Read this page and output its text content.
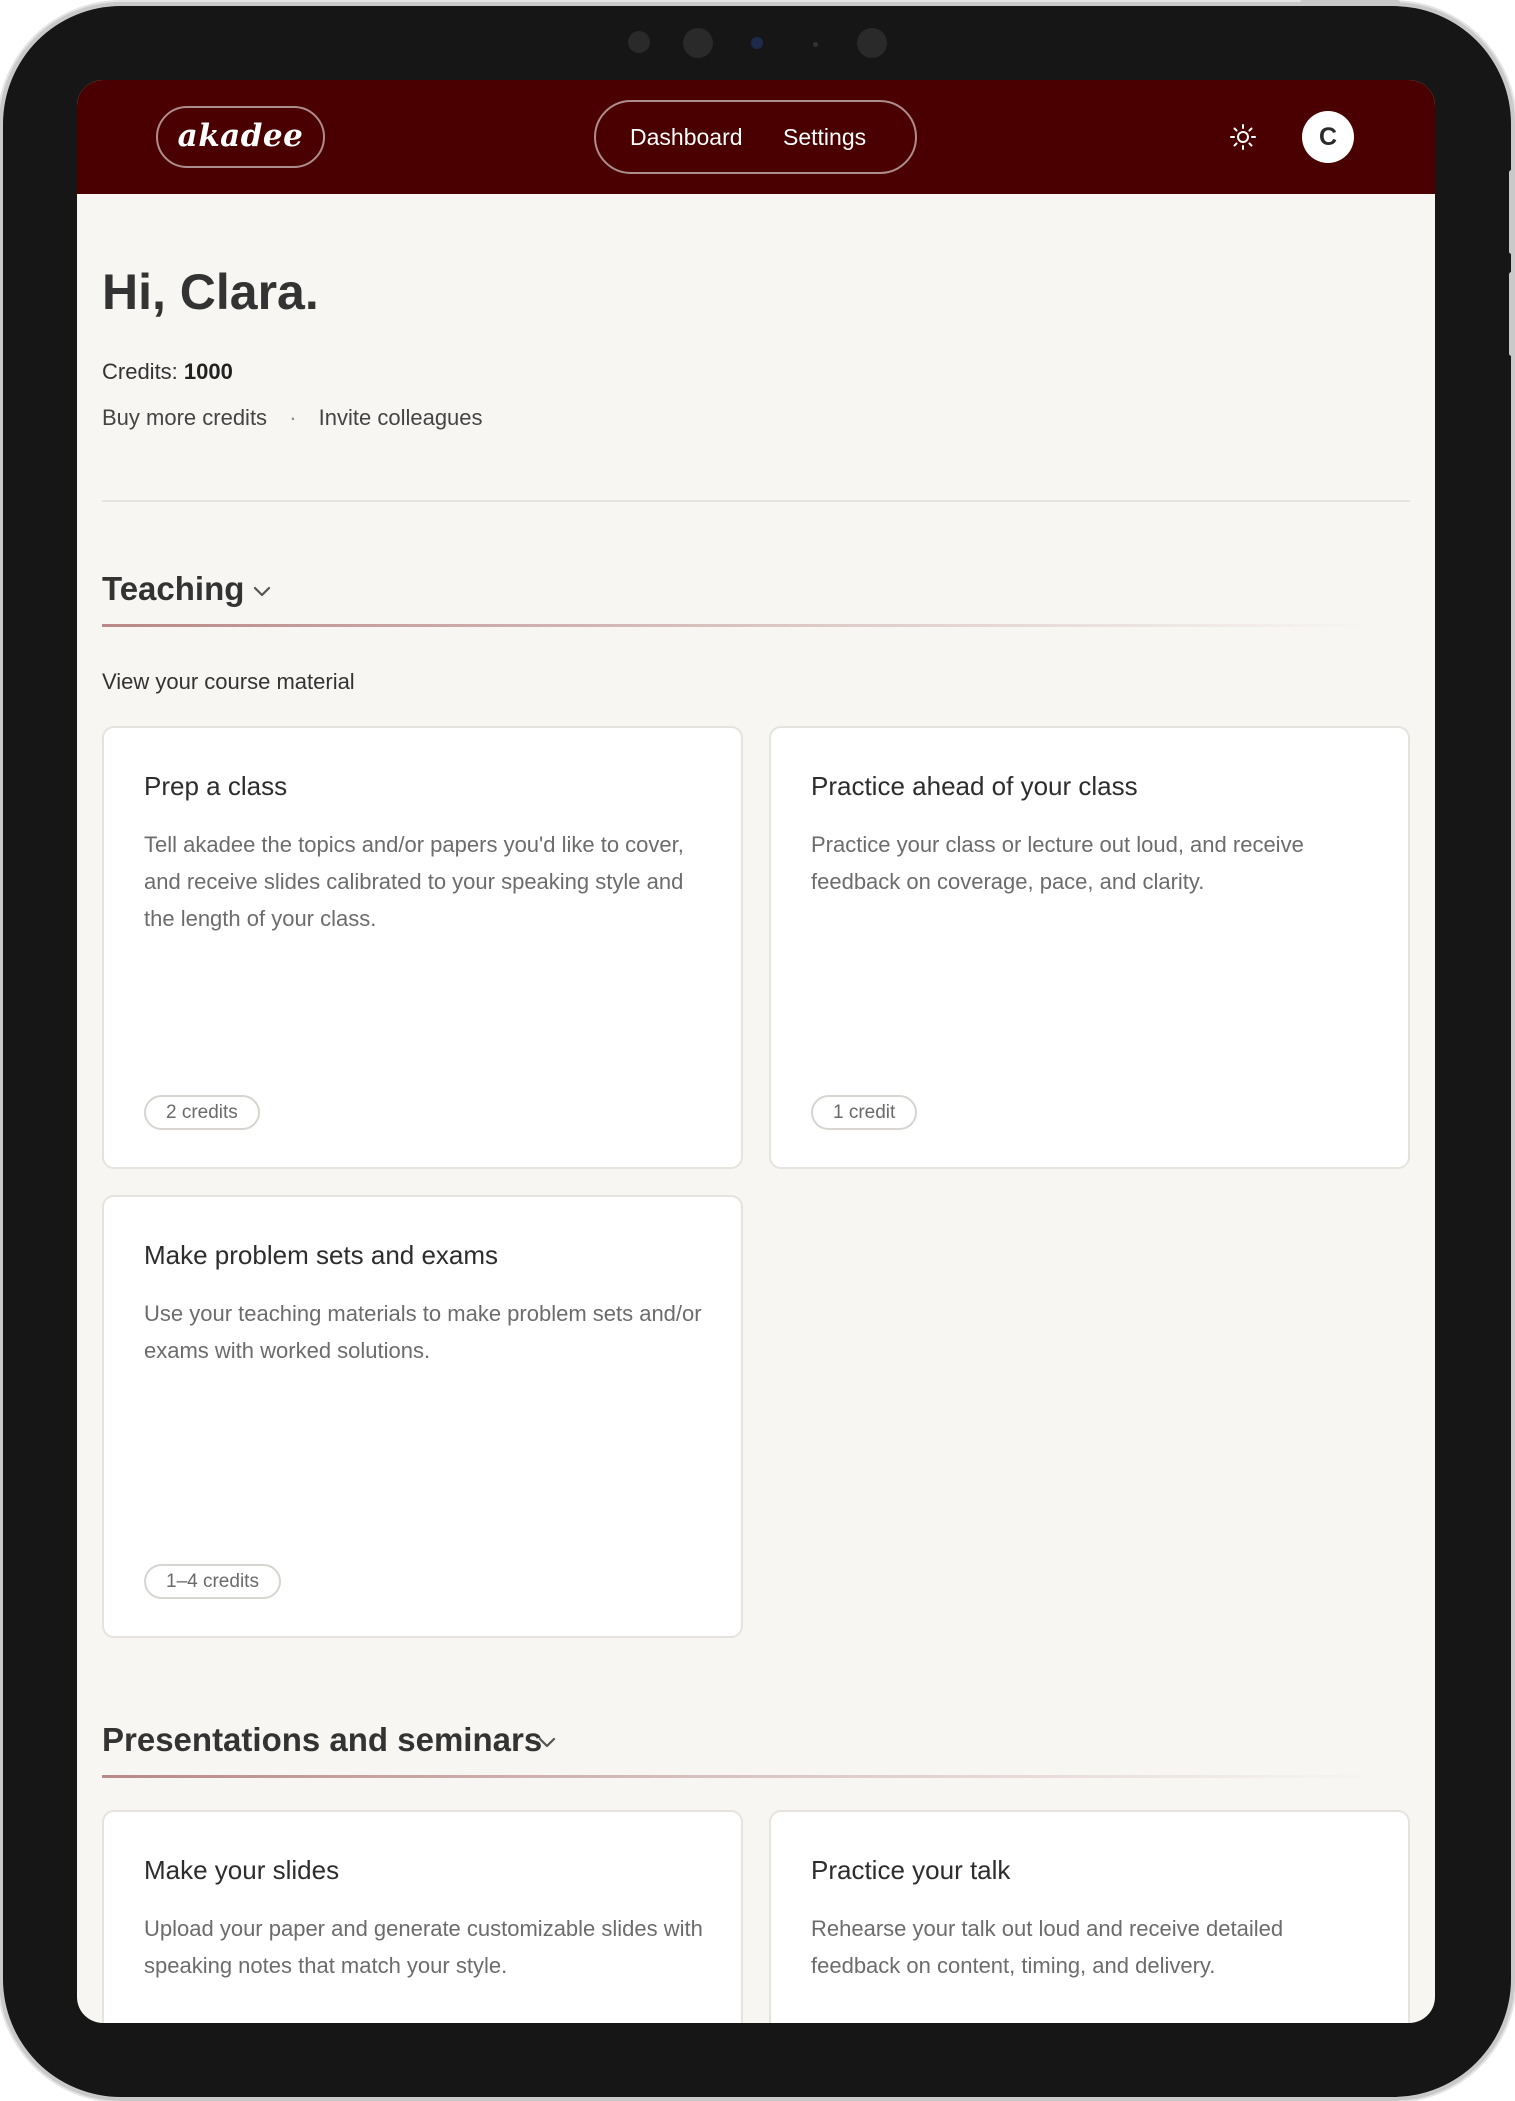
akadee	Dashboard Settings	C
Hi, Clara.
Credits: 1000
Buy more credits · Invite colleagues
Teaching
View your course material
Prep a class
Tell akadee the topics and/or papers you'd like to cover, and receive slides calibrated to your speaking style and the length of your class.
2 credits
Practice ahead of your class
Practice your class or lecture out loud, and receive feedback on coverage, pace, and clarity.
1 credit
Make problem sets and exams
Use your teaching materials to make problem sets and/or exams with worked solutions.
1–4 credits
Presentations and seminars
Make your slides
Upload your paper and generate customizable slides with speaking notes that match your style.
Practice your talk
Rehearse your talk out loud and receive detailed feedback on content, timing, and delivery.
